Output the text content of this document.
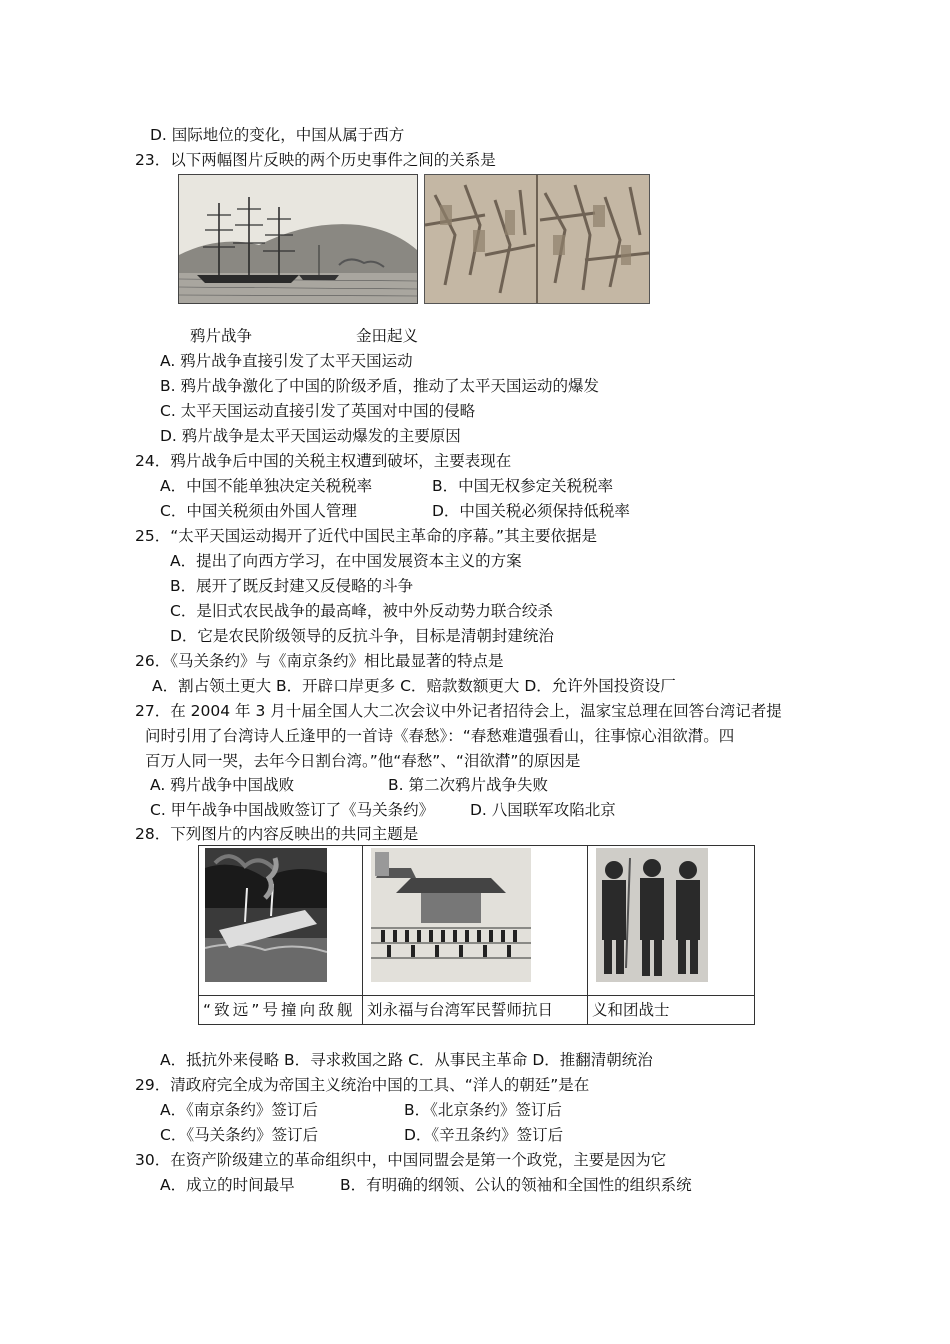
D. 国际地位的变化，中国从属于西方
23．以下两幅图片反映的两个历史事件之间的关系是
鸦片战争	金田起义
A. 鸦片战争直接引发了太平天国运动
B. 鸦片战争激化了中国的阶级矛盾，推动了太平天国运动的爆发
C. 太平天国运动直接引发了英国对中国的侵略
D. 鸦片战争是太平天国运动爆发的主要原因
24．鸦片战争后中国的关税主权遭到破坏，主要表现在
A．中国不能单独决定关税税率	B．中国无权参定关税税率
C．中国关税须由外国人管理	D．中国关税必须保持低税率
25．“太平天国运动揭开了近代中国民主革命的序幕。”其主要依据是
A．提出了向西方学习，在中国发展资本主义的方案
B．展开了既反封建又反侵略的斗争
C．是旧式农民战争的最高峰，被中外反动势力联合绞杀
D．它是农民阶级领导的反抗斗争，目标是清朝封建统治
26．《马关条约》与《南京条约》相比最显著的特点是
A．割占领土更大 B．开辟口岸更多 C．赔款数额更大 D．允许外国投资设厂
27．在 2004 年 3 月十届全国人大二次会议中外记者招待会上，温家宝总理在回答台湾记者提
问时引用了台湾诗人丘逢甲的一首诗《春愁》：“春愁难遣强看山，往事惊心泪欲潸。四
百万人同一哭，去年今日割台湾。”他“春愁”、“泪欲潸”的原因是
A. 鸦片战争中国战败	B. 第二次鸦片战争失败
C. 甲午战争中国战败签订了《马关条约》 D. 八国联军攻陷北京
28．下列图片的内容反映出的共同主题是

“致远”号撞向敌舰	刘永福与台湾军民誓师抗日	义和团战士
A．抵抗外来侵略 B．寻求救国之路 C．从事民主革命 D．推翻清朝统治
29．清政府完全成为帝国主义统治中国的工具、“洋人的朝廷”是在
A．《南京条约》签订后	B．《北京条约》签订后
C．《马关条约》签订后	D．《辛丑条约》签订后
30．在资产阶级建立的革命组织中，中国同盟会是第一个政党，主要是因为它
A．成立的时间最早	B．有明确的纲领、公认的领袖和全国性的组织系统
